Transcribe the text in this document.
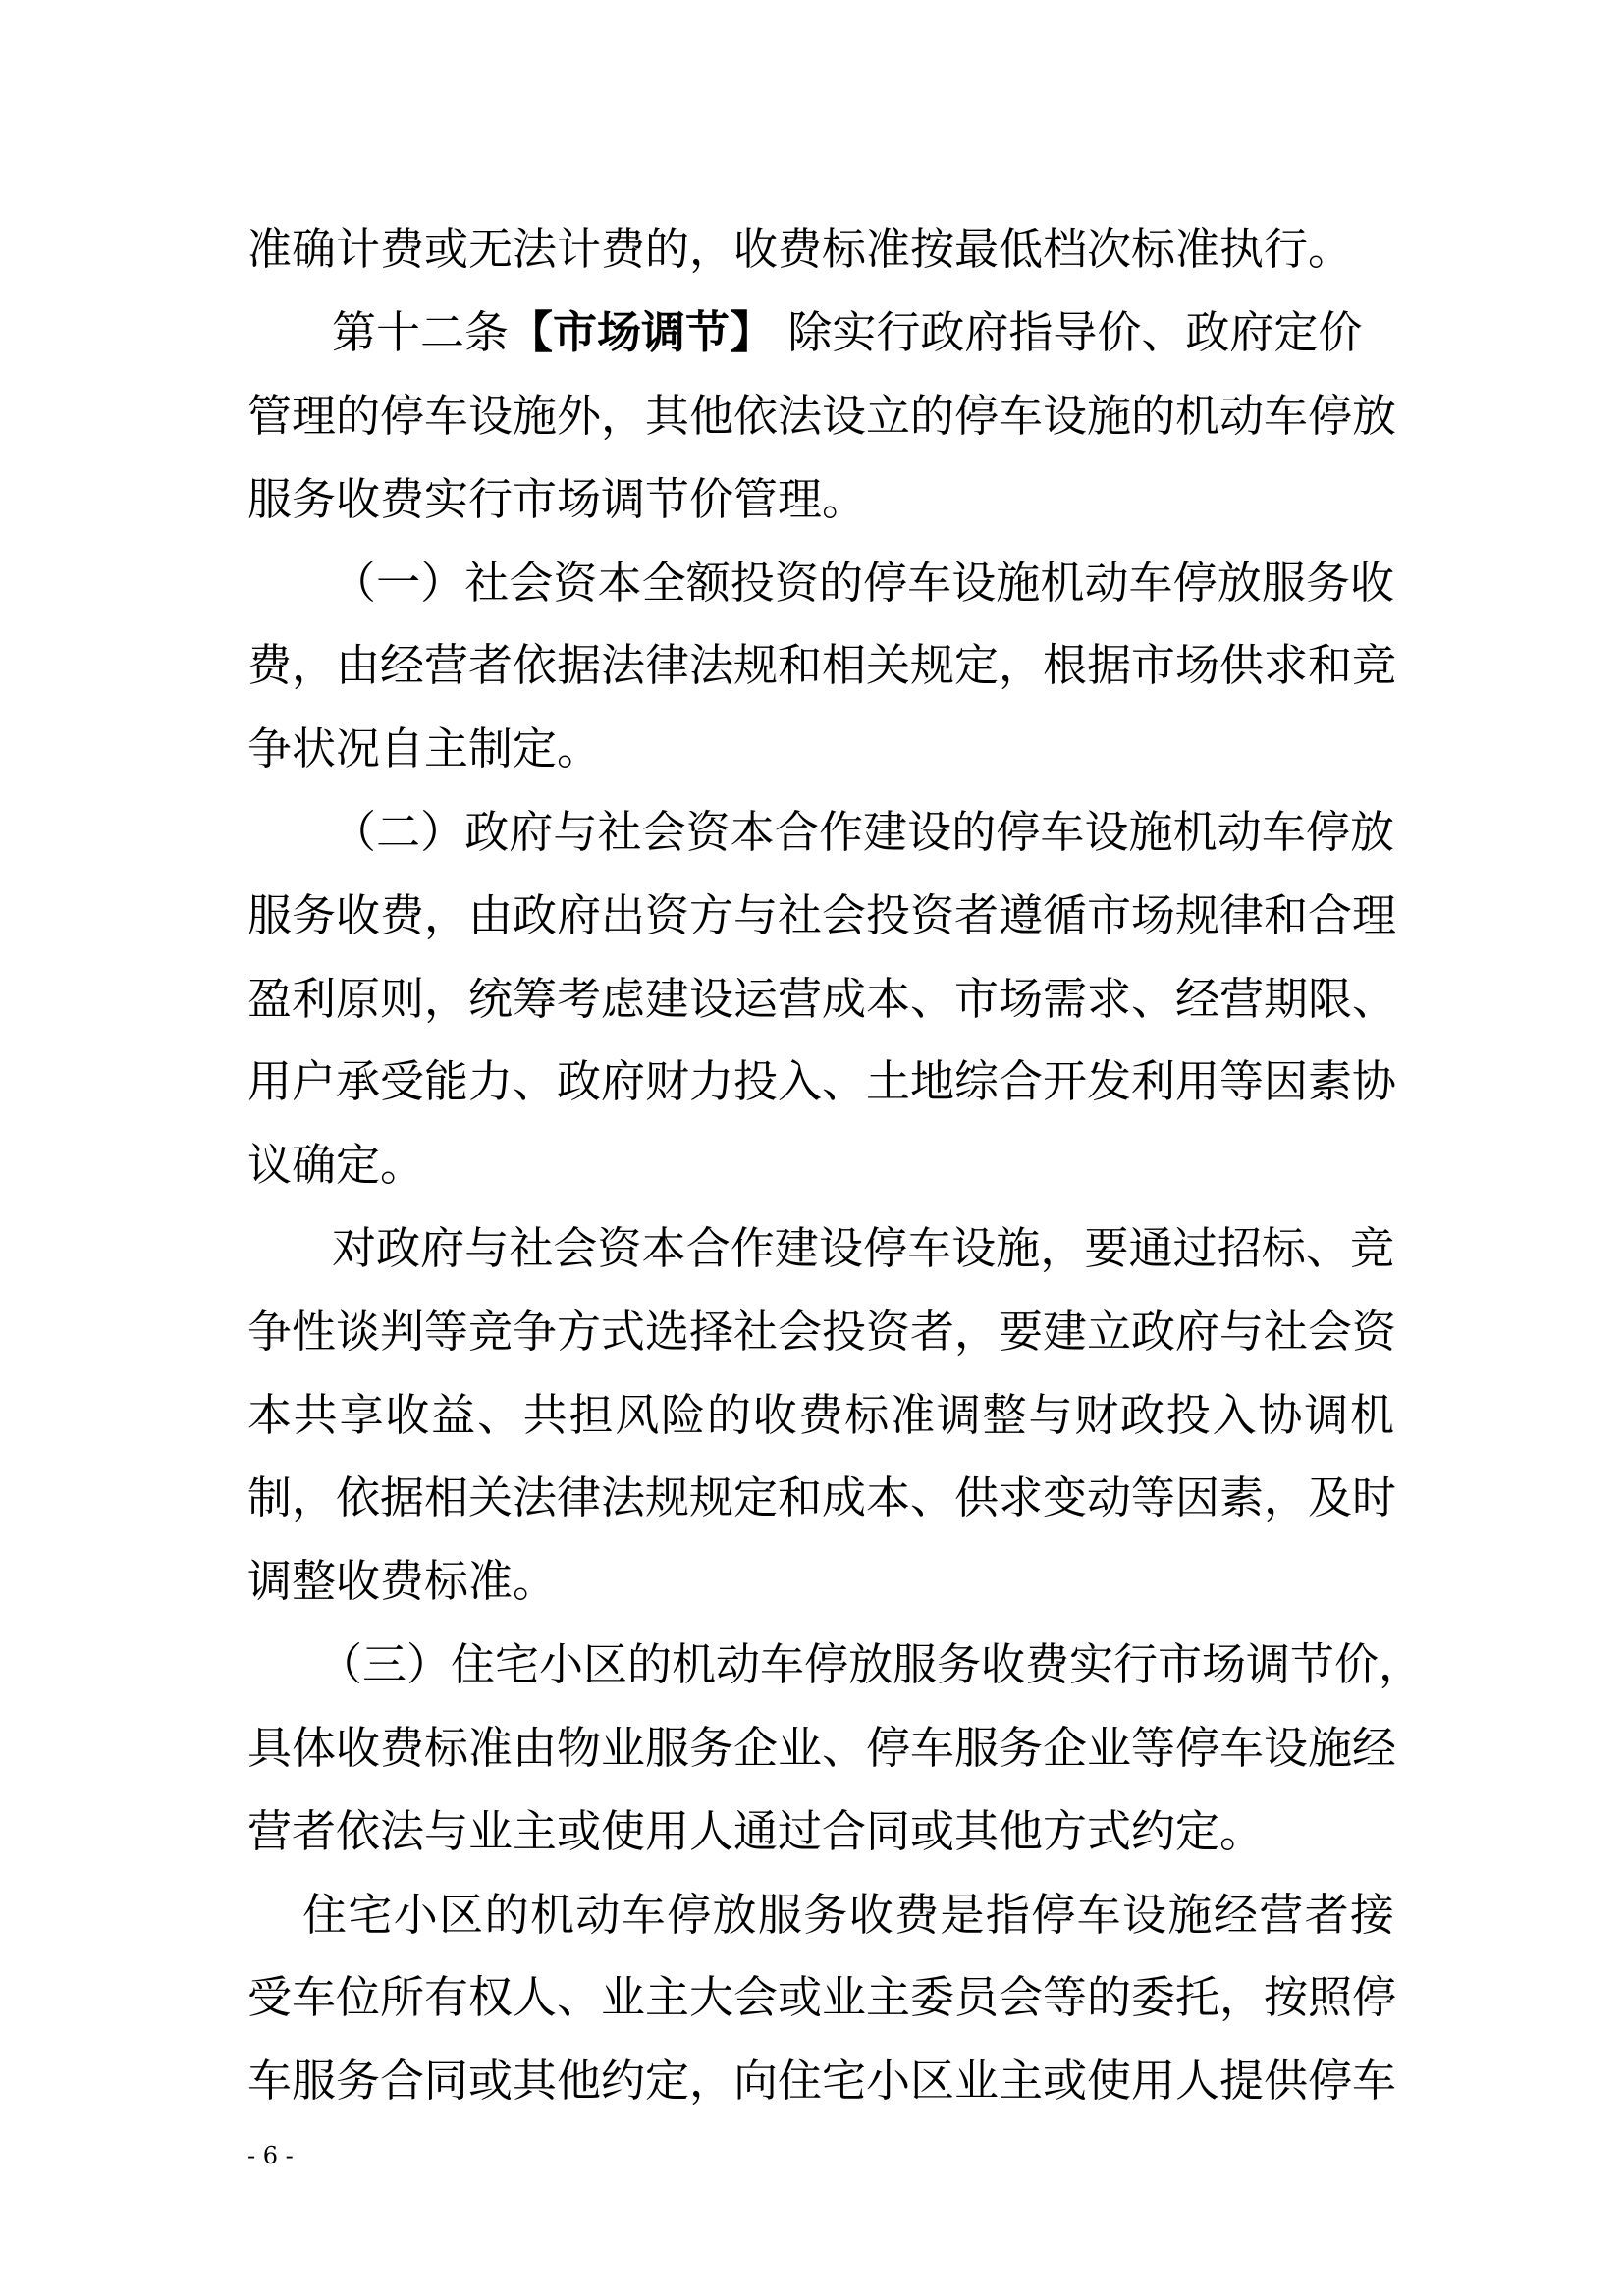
准确计费或无法计费的，收费标准按最低档次标准执行。
第十二条【市场调节】 除实行政府指导价、政府定价
管理的停车设施外，其他依法设立的停车设施的机动车停放
服务收费实行市场调节价管理。
（一）社会资本全额投资的停车设施机动车停放服务收
费，由经营者依据法律法规和相关规定，根据市场供求和竞
争状况自主制定。
（二）政府与社会资本合作建设的停车设施机动车停放
服务收费，由政府出资方与社会投资者遵循市场规律和合理
盈利原则，统筹考虑建设运营成本、市场需求、经营期限、
用户承受能力、政府财力投入、土地综合开发利用等因素协
议确定。
对政府与社会资本合作建设停车设施，要通过招标、竞
争性谈判等竞争方式选择社会投资者，要建立政府与社会资
本共享收益、共担风险的收费标准调整与财政投入协调机
制，依据相关法律法规规定和成本、供求变动等因素，及时
调整收费标准。
（三）住宅小区的机动车停放服务收费实行市场调节价，
具体收费标准由物业服务企业、停车服务企业等停车设施经
营者依法与业主或使用人通过合同或其他方式约定。
住宅小区的机动车停放服务收费是指停车设施经营者接
受车位所有权人、业主大会或业主委员会等的委托，按照停
车服务合同或其他约定，向住宅小区业主或使用人提供停车
- 6 -
